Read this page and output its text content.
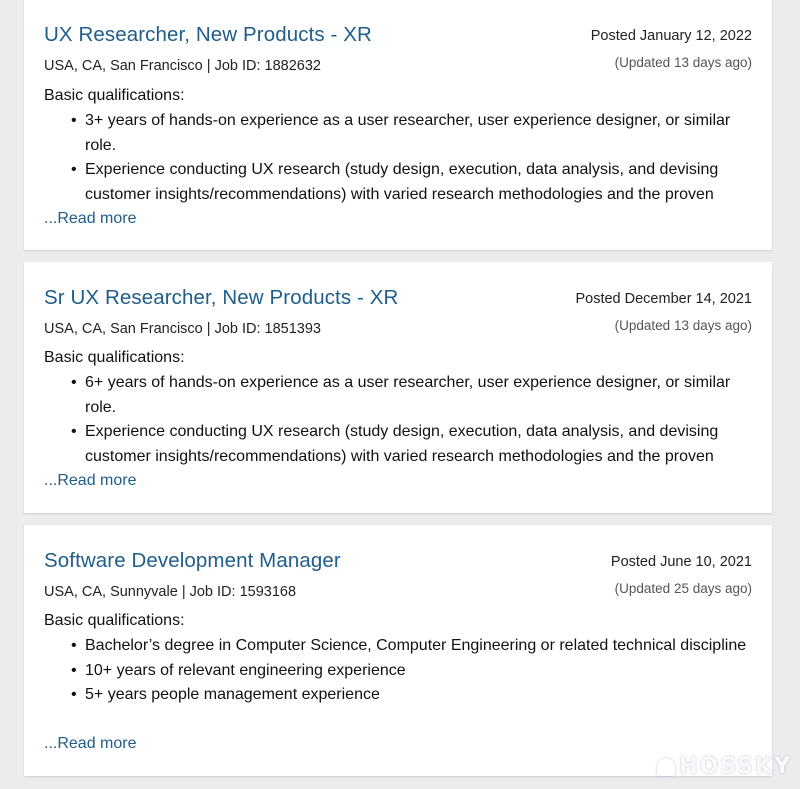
UX Researcher, New Products - XR	Posted January 12, 2022
(Updated 13 days ago)
USA, CA, San Francisco | Job ID: 1882632
Basic qualifications:
• 3+ years of hands-on experience as a user researcher, user experience designer, or similar role.
• Experience conducting UX research (study design, execution, data analysis, and devising customer insights/recommendations) with varied research methodologies and the proven
...Read more
Sr UX Researcher, New Products - XR	Posted December 14, 2021
(Updated 13 days ago)
USA, CA, San Francisco | Job ID: 1851393
Basic qualifications:
• 6+ years of hands-on experience as a user researcher, user experience designer, or similar role.
• Experience conducting UX research (study design, execution, data analysis, and devising customer insights/recommendations) with varied research methodologies and the proven
...Read more
Software Development Manager	Posted June 10, 2021
(Updated 25 days ago)
USA, CA, Sunnyvale | Job ID: 1593168
Basic qualifications:
• Bachelor’s degree in Computer Science, Computer Engineering or related technical discipline
• 10+ years of relevant engineering experience
• 5+ years people management experience
...Read more
HOSSKY
